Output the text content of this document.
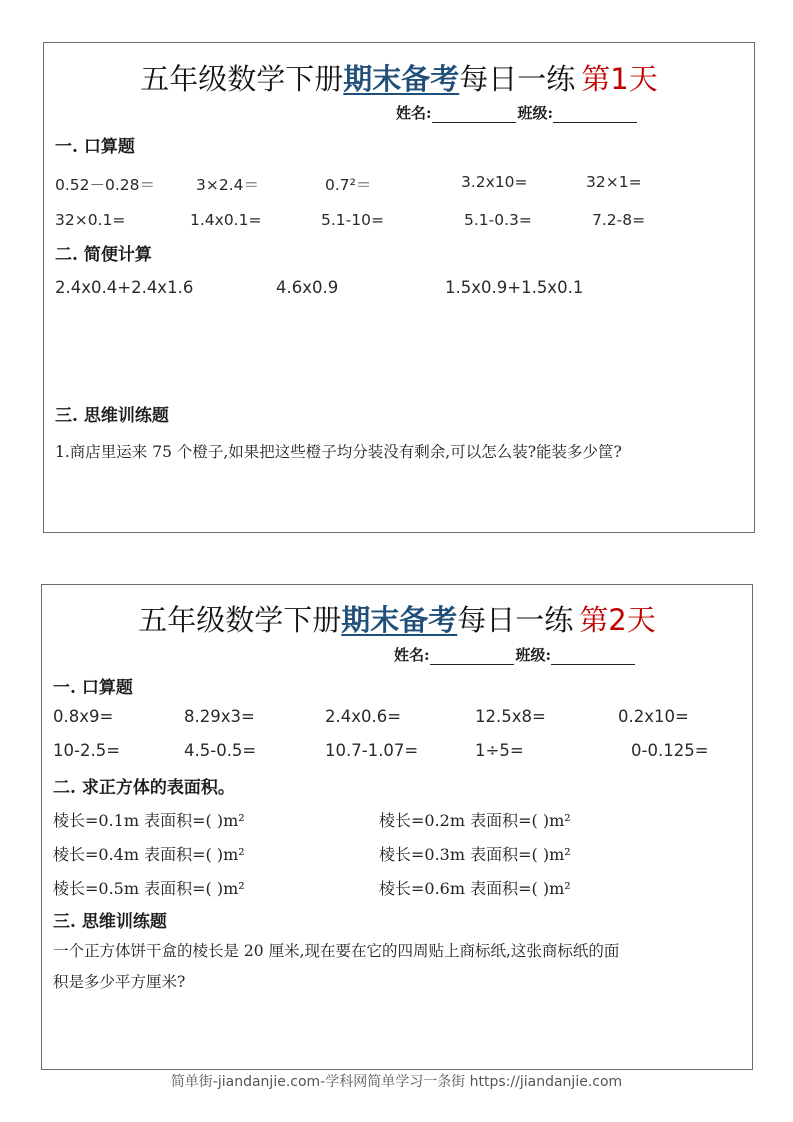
五年级数学下册期末备考每日一练 第1天
姓名:	班级:
一. 口算题
0.52－0.28＝	3×2.4＝	0.7²＝	3.2x10=	32×1=
32×0.1=	1.4x0.1=	5.1-10=	5.1-0.3=	7.2-8=
二. 简便计算
2.4x0.4+2.4x1.6	4.6x0.9	1.5x0.9+1.5x0.1
三. 思维训练题
1.商店里运来 75 个橙子,如果把这些橙子均分装没有剩余,可以怎么装?能装多少筐?
五年级数学下册期末备考每日一练 第2天
姓名:	班级:
一. 口算题
0.8x9=	8.29x3=	2.4x0.6=	12.5x8=	0.2x10=
10-2.5=	4.5-0.5=	10.7-1.07=	1÷5=	0-0.125=
二. 求正方体的表面积。
棱长=0.1m 表面积=( )m²	棱长=0.2m 表面积=( )m²
棱长=0.4m 表面积=( )m²	棱长=0.3m 表面积=( )m²
棱长=0.5m 表面积=( )m²	棱长=0.6m 表面积=( )m²
三. 思维训练题
一个正方体饼干盒的棱长是 20 厘米,现在要在它的四周贴上商标纸,这张商标纸的面
积是多少平方厘米?
简单街-jiandanjie.com-学科网简单学习一条街 https://jiandanjie.com
